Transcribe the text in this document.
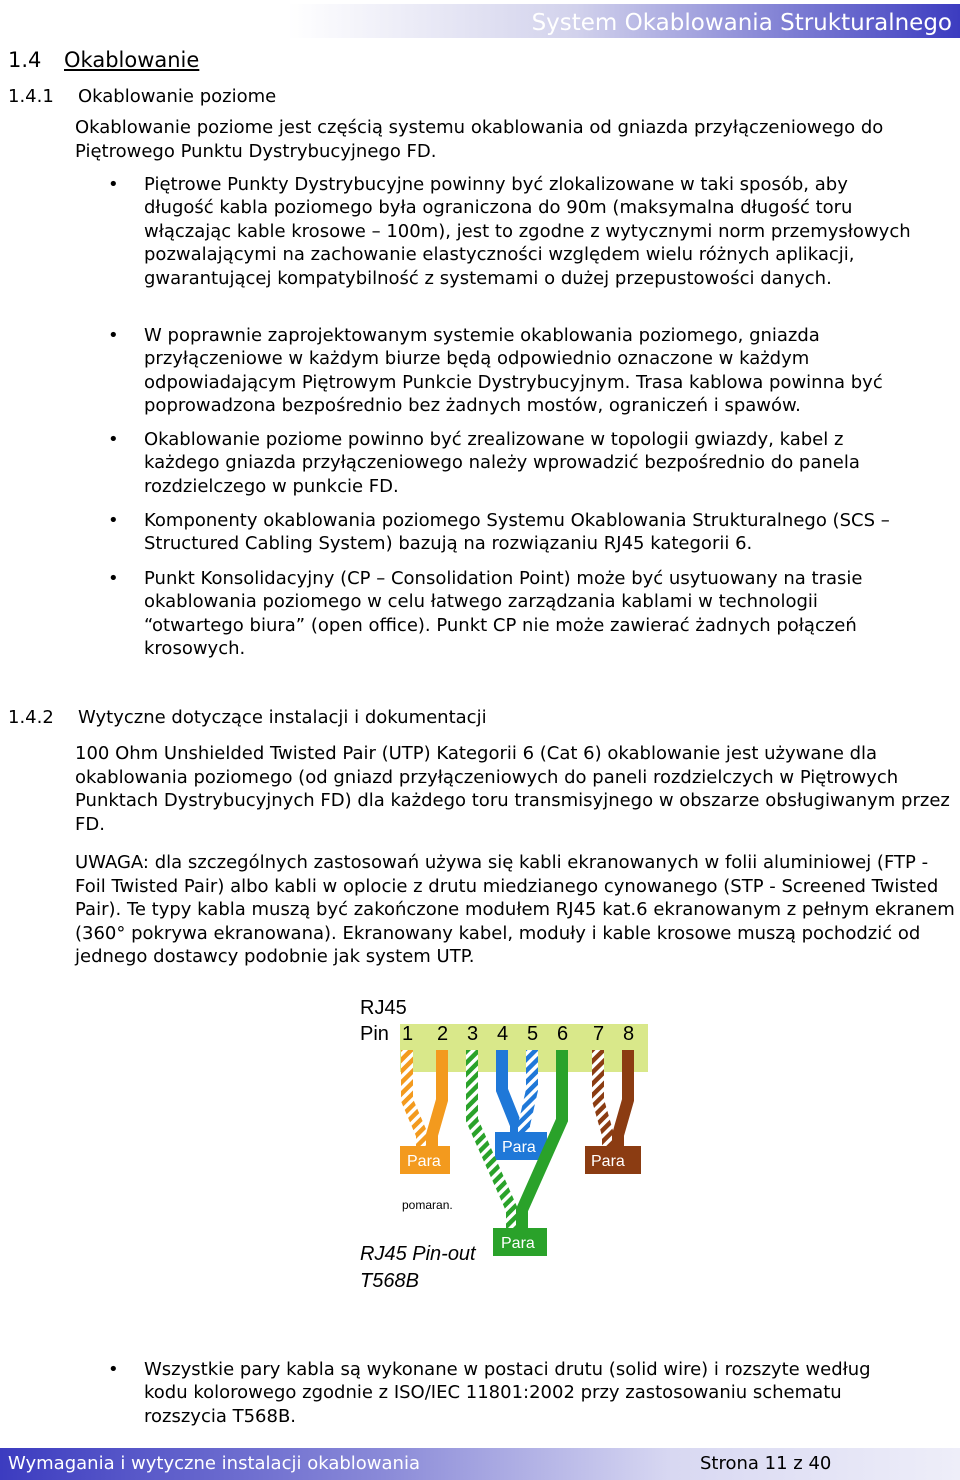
System Okablowania Strukturalnego
1.4 Okablowanie
1.4.1 Okablowanie poziome

Okablowanie poziome jest częścią systemu okablowania od gniazda przyłączeniowego do Piętrowego Punktu Dystrybucyjnego FD.

• Piętrowe Punkty Dystrybucyjne powinny być zlokalizowane w taki sposób, aby długość kabla poziomego była ograniczona do 90m (maksymalna długość toru włączając kable krosowe – 100m), jest to zgodne z wytycznymi norm przemysłowych pozwalającymi na zachowanie elastyczności względem wielu różnych aplikacji, gwarantującej kompatybilność z systemami o dużej przepustowości danych.
• W poprawnie zaprojektowanym systemie okablowania poziomego, gniazda przyłączeniowe w każdym biurze będą odpowiednio oznaczone w każdym odpowiadającym Piętrowym Punkcie Dystrybucyjnym. Trasa kablowa powinna być poprowadzona bezpośrednio bez żadnych mostów, ograniczeń i spawów.
• Okablowanie poziome powinno być zrealizowane w topologii gwiazdy, kabel z każdego gniazda przyłączeniowego należy wprowadzić bezpośrednio do panela rozdzielczego w punkcie FD.
• Komponenty okablowania poziomego Systemu Okablowania Strukturalnego (SCS – Structured Cabling System) bazują na rozwiązaniu RJ45 kategorii 6.
• Punkt Konsolidacyjny (CP – Consolidation Point) może być usytuowany na trasie okablowania poziomego w celu łatwego zarządzania kablami w technologii “otwartego biura” (open office). Punkt CP nie może zawierać żadnych połączeń krosowych.
1.4.2 Wytyczne dotyczące instalacji i dokumentacji

100 Ohm Unshielded Twisted Pair (UTP) Kategorii 6 (Cat 6) okablowanie jest używane dla okablowania poziomego (od gniazd przyłączeniowych do paneli rozdzielczych w Piętrowych Punktach Dystrybucyjnych FD) dla każdego toru transmisyjnego w obszarze obsługiwanym przez FD.

UWAGA: dla szczególnych zastosowań używa się kabli ekranowanych w folii aluminiowej (FTP - Foil Twisted Pair) albo kabli w oplocie z drutu miedzianego cynowanego (STP - Screened Twisted Pair). Te typy kabla muszą być zakończone modułem RJ45 kat.6 ekranowanym z pełnym ekranem (360° pokrywa ekranowana). Ekranowany kabel, moduły i kable krosowe muszą pochodzić od jednego dostawcy podobnie jak system UTP.

RJ45
Pin 1 2 3 4 5 6 7 8
Para
pomaran.
Para
Para
Para
RJ45 Pin-out
T568B
• Wszystkie pary kabla są wykonane w postaci drutu (solid wire) i rozszyte według kodu kolorowego zgodnie z ISO/IEC 11801:2002 przy zastosowaniu schematu rozszycia T568B.
Wymagania i wytyczne instalacji okablowania	Strona 11 z 40
